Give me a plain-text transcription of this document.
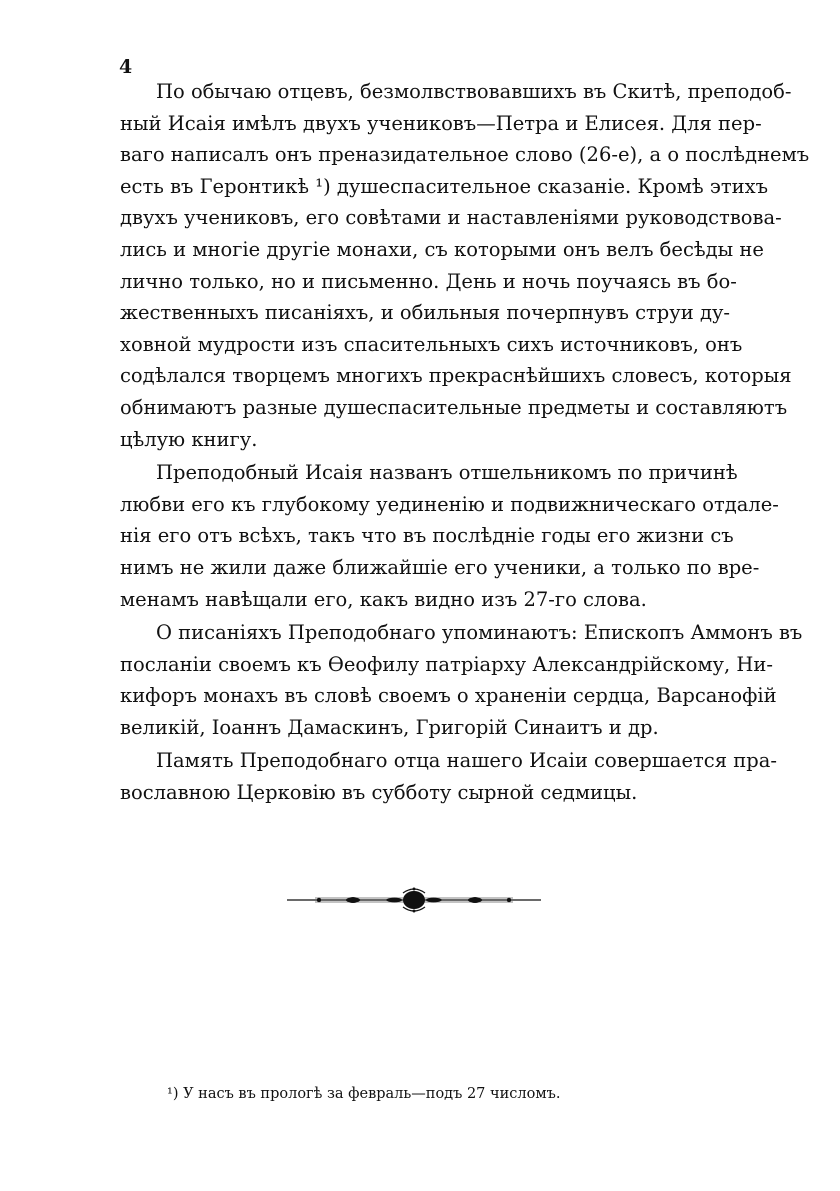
4
По обычаю отцевъ, безмолвствовавшихъ въ Скитѣ, преподоб-
ный Исаія имѣлъ двухъ учениковъ—Петра и Елисея. Для пер-
ваго написалъ онъ преназидательное слово (26-е), а о послѣднемъ
есть въ Геронтикѣ ¹) душеспасительное сказаніе. Кромѣ этихъ
двухъ учениковъ, его совѣтами и наставленіями руководствова-
лись и многіе другіе монахи, съ которыми онъ велъ бесѣды не
лично только, но и письменно. День и ночь поучаясь въ бо-
жественныхъ писаніяхъ, и обильныя почерпнувъ струи ду-
ховной мудрости изъ спасительныхъ сихъ источниковъ, онъ
содѣлался творцемъ многихъ прекраснѣйшихъ словесъ, которыя
обнимаютъ разные душеспасительные предметы и составляютъ
цѣлую книгу.
Преподобный Исаія названъ отшельникомъ по причинѣ
любви его къ глубокому уединенію и подвижническаго отдале-
нія его отъ всѣхъ, такъ что въ послѣдніе годы его жизни съ
нимъ не жили даже ближайшіе его ученики, а только по вре-
менамъ навѣщали его, какъ видно изъ 27-го слова.
О писаніяхъ Преподобнаго упоминаютъ: Епископъ Аммонъ въ
посланіи своемъ къ Ѳеофилу патріарху Александрійскому, Ни-
кифоръ монахъ въ словѣ своемъ о храненіи сердца, Варсанофій
великій, Іоаннъ Дамаскинъ, Григорій Синаитъ и др.
Память Преподобнаго отца нашего Исаіи совершается пра-
вославною Церковію въ субботу сырной седмицы.
¹) У насъ въ прологѣ за февраль—подъ 27 числомъ.
